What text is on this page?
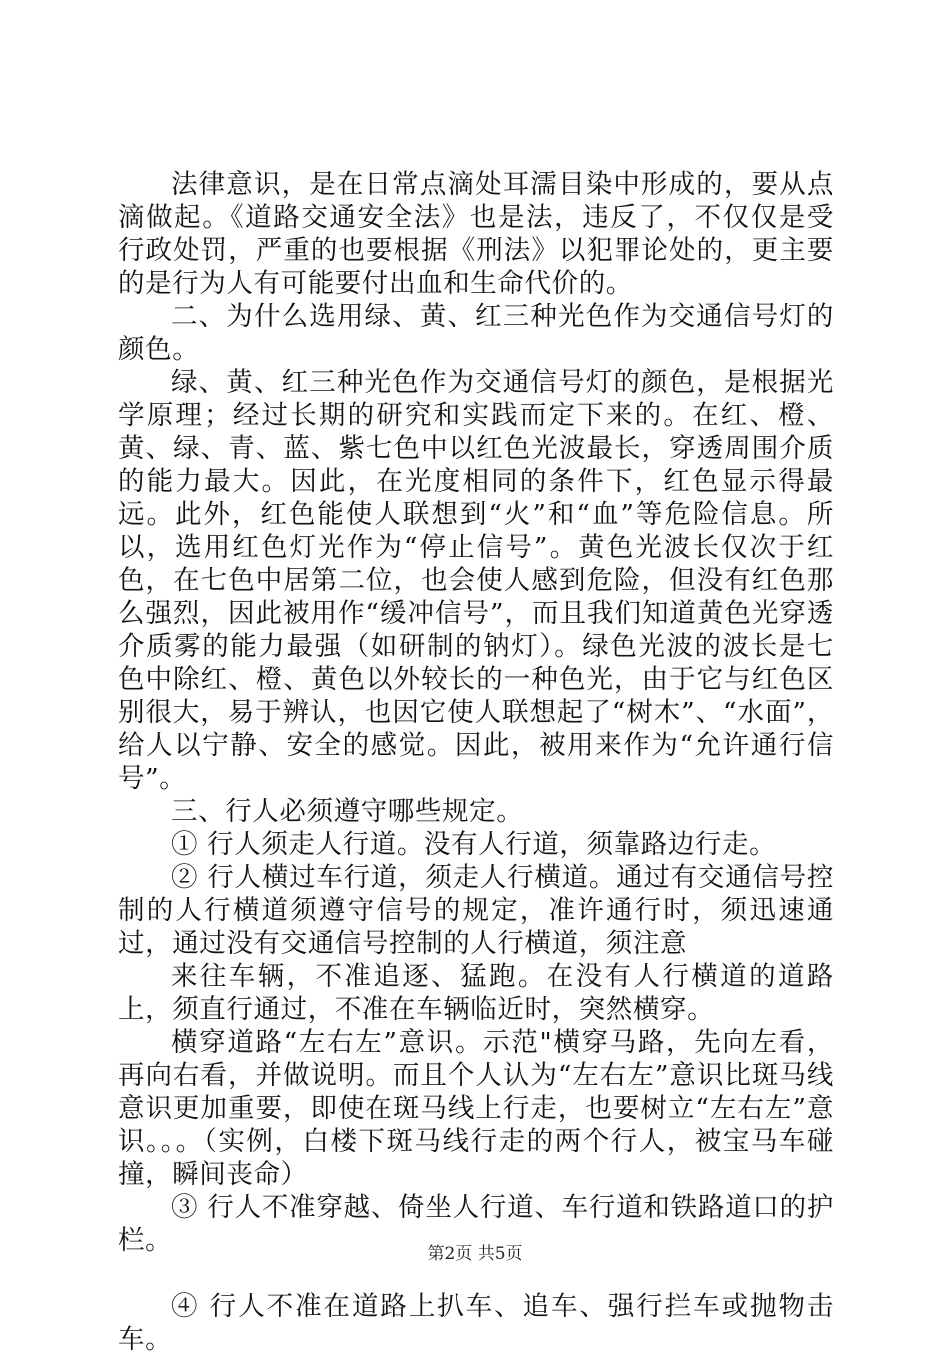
法律意识，是在日常点滴处耳濡目染中形成的，要从点滴做起。《道路交通安全法》也是法，违反了，不仅仅是受行政处罚，严重的也要根据《刑法》以犯罪论处的，更主要的是行为人有可能要付出血和生命代价的。

二、为什么选用绿、黄、红三种光色作为交通信号灯的颜色。

绿、黄、红三种光色作为交通信号灯的颜色，是根据光学原理；经过长期的研究和实践而定下来的。在红、橙、黄、绿、青、蓝、紫七色中以红色光波最长，穿透周围介质的能力最大。因此，在光度相同的条件下，红色显示得最远。此外，红色能使人联想到“火”和“血”等危险信息。所以，选用红色灯光作为“停止信号”。黄色光波长仅次于红色，在七色中居第二位，也会使人感到危险，但没有红色那么强烈，因此被用作“缓冲信号”，而且我们知道黄色光穿透介质雾的能力最强（如研制的钠灯）。绿色光波的波长是七色中除红、橙、黄色以外较长的一种色光，由于它与红色区别很大，易于辨认，也因它使人联想起了“树木”、“水面”，给人以宁静、安全的感觉。因此，被用来作为“允许通行信号”。

三、行人必须遵守哪些规定。

① 行人须走人行道。没有人行道，须靠路边行走。

② 行人横过车行道，须走人行横道。通过有交通信号控制的人行横道须遵守信号的规定，准许通行时，须迅速通过，通过没有交通信号控制的人行横道，须注意

来往车辆，不准追逐、猛跑。在没有人行横道的道路上，须直行通过，不准在车辆临近时，突然横穿。

横穿道路“左右左”意识。示范"横穿马路，先向左看，再向右看，并做说明。而且个人认为“左右左”意识比斑马线意识更加重要，即使在斑马线上行走，也要树立“左右左”意识。。。（实例，白楼下斑马线行走的两个行人，被宝马车碰撞，瞬间丧命）

③ 行人不准穿越、倚坐人行道、车行道和铁路道口的护栏。

④ 行人不准在道路上扒车、追车、强行拦车或抛物击车。

第2页 共5页
